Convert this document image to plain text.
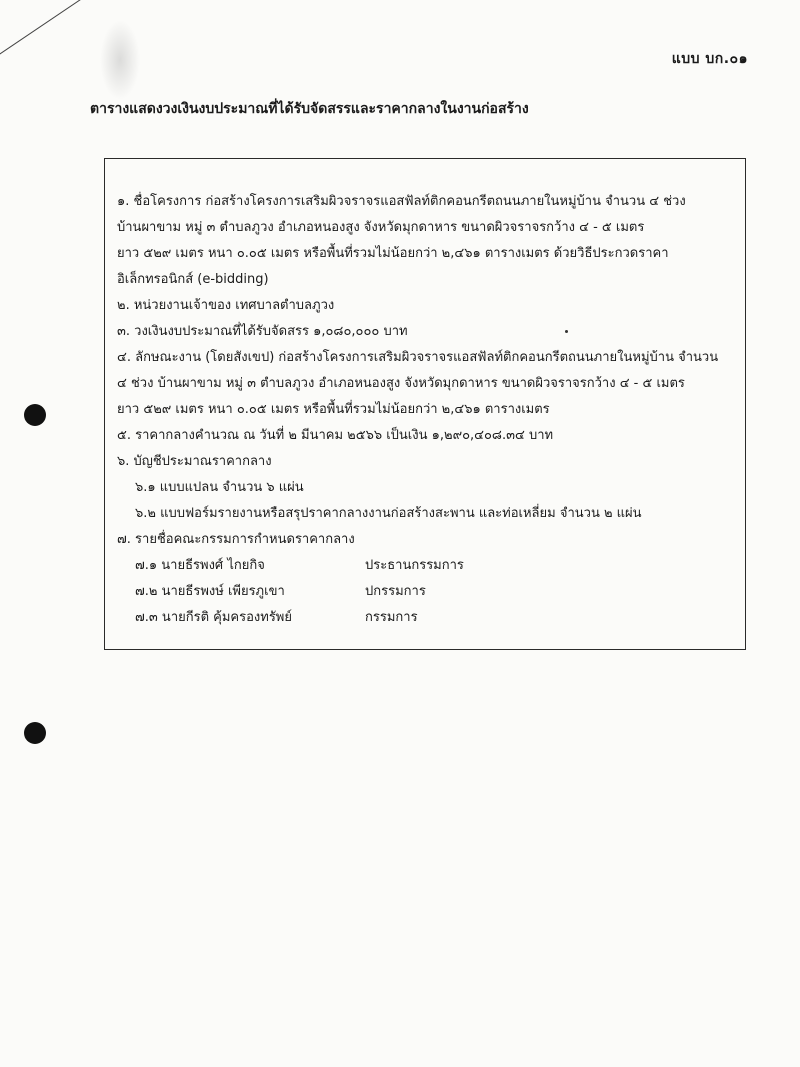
แบบ บก.๐๑
ตารางแสดงวงเงินงบประมาณที่ได้รับจัดสรรและราคากลางในงานก่อสร้าง
๑. ชื่อโครงการ ก่อสร้างโครงการเสริมผิวจราจรแอสฟัลท์ติกคอนกรีตถนนภายในหมู่บ้าน จำนวน ๔ ช่วง
บ้านผาขาม หมู่ ๓ ตำบลภูวง อำเภอหนองสูง จังหวัดมุกดาหาร ขนาดผิวจราจรกว้าง ๔ - ๕ เมตร
ยาว ๕๒๙ เมตร หนา ๐.๐๕ เมตร หรือพื้นที่รวมไม่น้อยกว่า ๒,๔๖๑ ตารางเมตร ด้วยวิธีประกวดราคา
อิเล็กทรอนิกส์ (e-bidding)
๒. หน่วยงานเจ้าของ เทศบาลตำบลภูวง
๓. วงเงินงบประมาณที่ได้รับจัดสรร ๑,๐๘๐,๐๐๐ บาท
๔. ลักษณะงาน (โดยสังเขป) ก่อสร้างโครงการเสริมผิวจราจรแอสฟัลท์ติกคอนกรีตถนนภายในหมู่บ้าน จำนวน
๔ ช่วง บ้านผาขาม หมู่ ๓ ตำบลภูวง อำเภอหนองสูง จังหวัดมุกดาหาร ขนาดผิวจราจรกว้าง ๔ - ๕ เมตร
ยาว ๕๒๙ เมตร หนา ๐.๐๕ เมตร หรือพื้นที่รวมไม่น้อยกว่า ๒,๔๖๑ ตารางเมตร
๕. ราคากลางคำนวณ ณ วันที่ ๒ มีนาคม ๒๕๖๖ เป็นเงิน ๑,๒๙๐,๔๐๘.๓๔ บาท
๖. บัญชีประมาณราคากลาง
๖.๑ แบบแปลน จำนวน ๖ แผ่น
๖.๒ แบบฟอร์มรายงานหรือสรุปราคากลางงานก่อสร้างสะพาน และท่อเหลี่ยม จำนวน ๒ แผ่น
๗. รายชื่อคณะกรรมการกำหนดราคากลาง
๗.๑ นายธีรพงศ์ ไกยกิจ	ประธานกรรมการ
๗.๒ นายธีรพงษ์ เพียรภูเขา	ปกรรมการ
๗.๓ นายกีรติ คุ้มครองทรัพย์	กรรมการ
